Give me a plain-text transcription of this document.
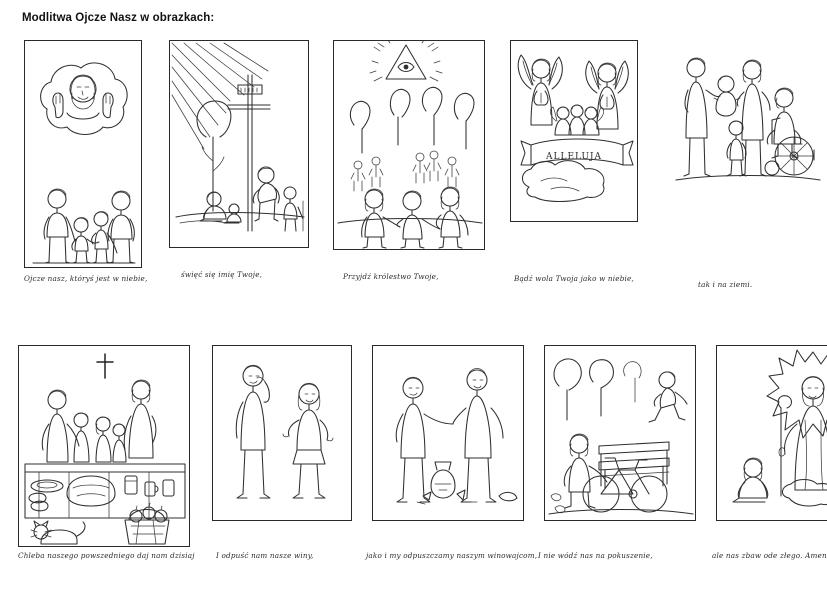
Modlitwa Ojcze Nasz w obrazkach:
Ojcze nasz, któryś jest w niebie,	święć się imię Twoje,	Przyjdź królestwo Twoje,
ALLELUJA
Bądź wola Twoja jako w niebie,
tak i na ziemi.
Chleba naszego powszedniego daj nam dzisiaj	I odpuść nam nasze winy,	jako i my odpuszczamy naszym winowajcom, I nie wódź nas na pokuszenie,	ale nas zbaw ode złego. Amen
